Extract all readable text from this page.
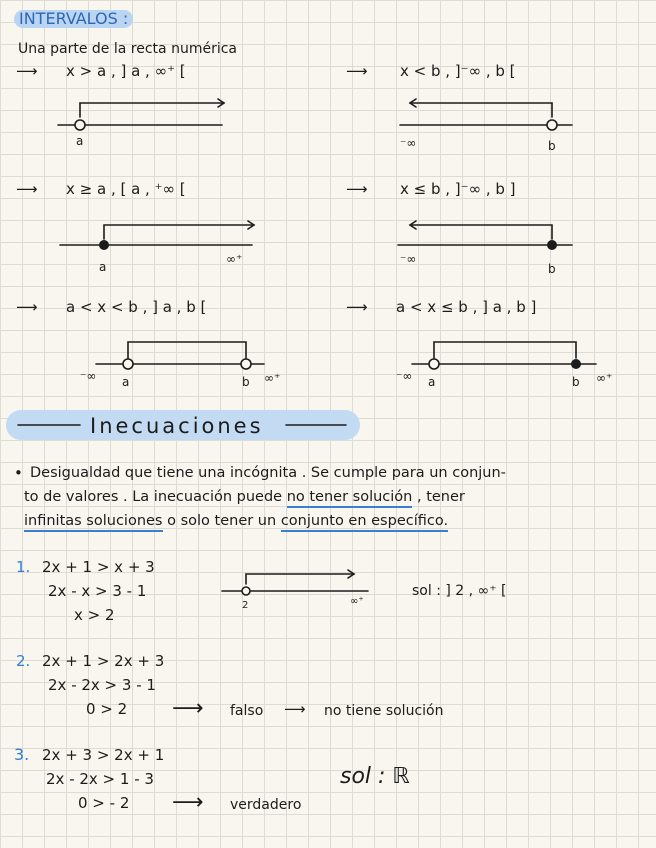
INTERVALOS :
Una parte de la recta numérica
⟶ x > a , ] a , ∞⁺ [	⟶ x < b , ]⁻∞ , b [
a	⁻∞	b
⟶ x ≥ a , [ a , ⁺∞ [	⟶ x ≤ b , ]⁻∞ , b ]
a
∞⁺	⁻∞
b
⟶ a < x < b , ] a , b [	⟶ a < x ≤ b , ] a , b ]
⁻∞ a	b ∞⁺	⁻∞ a	b ∞⁺
Inecuaciones
• Desigualdad que tiene una incógnita . Se cumple para un conjun-
to de valores . La inecuación puede no tener solución , tener
infinitas soluciones o solo tener un conjunto en específico.
1. 2x + 1 > x + 3
2x - x > 3 - 1
x > 2
2	∞⁺
sol : ] 2 , ∞⁺ [
2. 2x + 1 > 2x + 3
2x - 2x > 3 - 1
0 > 2 ⟶ falso ⟶ no tiene solución
3. 2x + 3 > 2x + 1
2x - 2x > 1 - 3
0 > - 2 ⟶ verdadero
sol : ℝ
